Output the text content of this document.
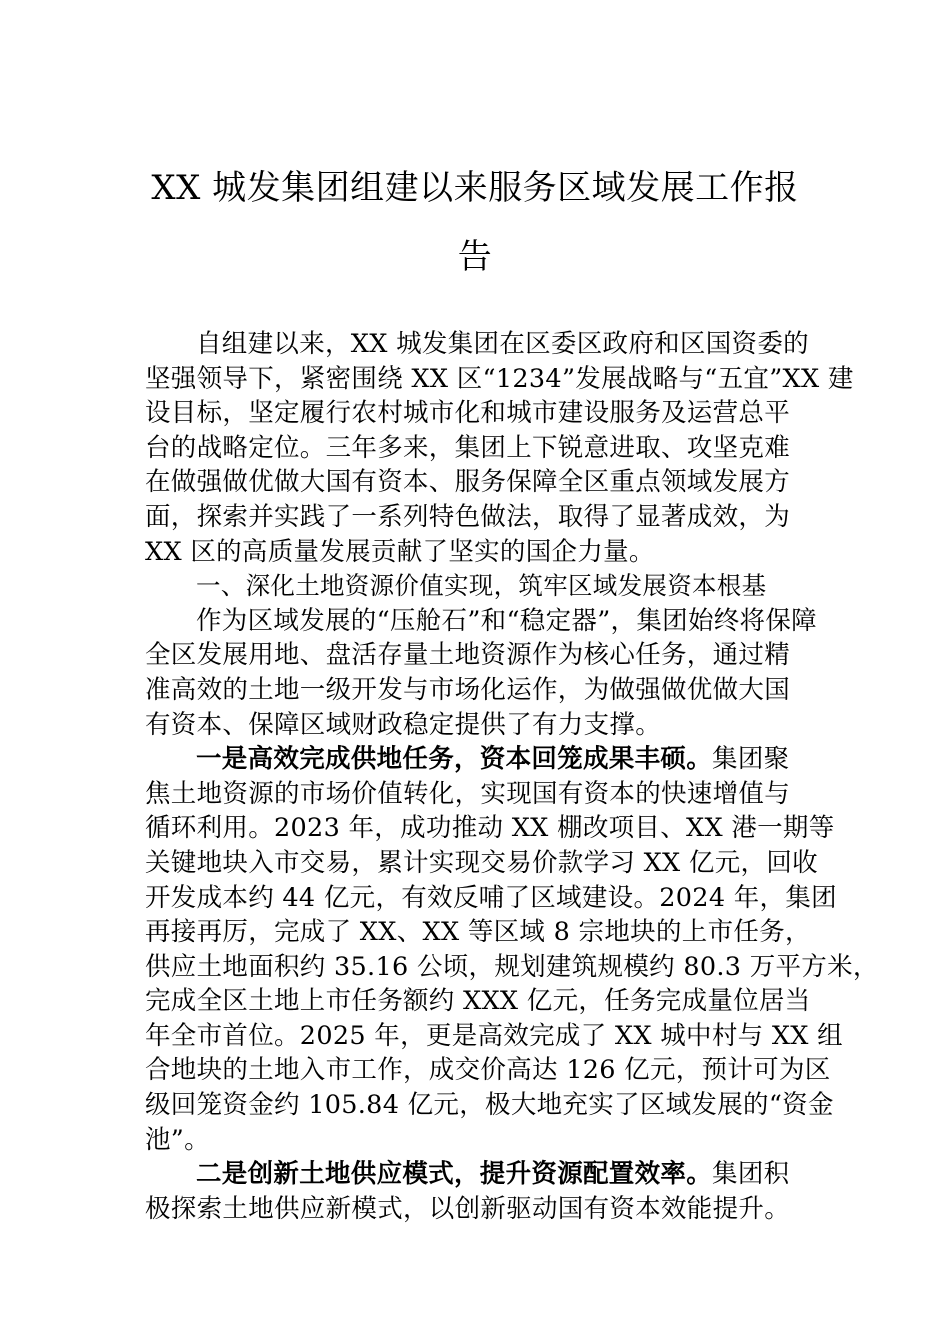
XX 城发集团组建以来服务区域发展工作报
告
自组建以来，XX 城发集团在区委区政府和区国资委的
坚强领导下，紧密围绕 XX 区“1234”发展战略与“五宜”XX 建
设目标，坚定履行农村城市化和城市建设服务及运营总平
台的战略定位。三年多来，集团上下锐意进取、攻坚克难
在做强做优做大国有资本、服务保障全区重点领域发展方
面，探索并实践了一系列特色做法，取得了显著成效，为
XX 区的高质量发展贡献了坚实的国企力量。
一、深化土地资源价值实现，筑牢区域发展资本根基
作为区域发展的“压舱石”和“稳定器”，集团始终将保障
全区发展用地、盘活存量土地资源作为核心任务，通过精
准高效的土地一级开发与市场化运作，为做强做优做大国
有资本、保障区域财政稳定提供了有力支撑。
一是高效完成供地任务，资本回笼成果丰硕。集团聚
焦土地资源的市场价值转化，实现国有资本的快速增值与
循环利用。2023 年，成功推动 XX 棚改项目、XX 港一期等
关键地块入市交易，累计实现交易价款学习 XX 亿元，回收
开发成本约 44 亿元，有效反哺了区域建设。2024 年，集团
再接再厉，完成了 XX、XX 等区域 8 宗地块的上市任务，
供应土地面积约 35.16 公顷，规划建筑规模约 80.3 万平方米，
完成全区土地上市任务额约 XXX 亿元，任务完成量位居当
年全市首位。2025 年，更是高效完成了 XX 城中村与 XX 组
合地块的土地入市工作，成交价高达 126 亿元，预计可为区
级回笼资金约 105.84 亿元，极大地充实了区域发展的“资金
池”。
二是创新土地供应模式，提升资源配置效率。集团积
极探索土地供应新模式，以创新驱动国有资本效能提升。
